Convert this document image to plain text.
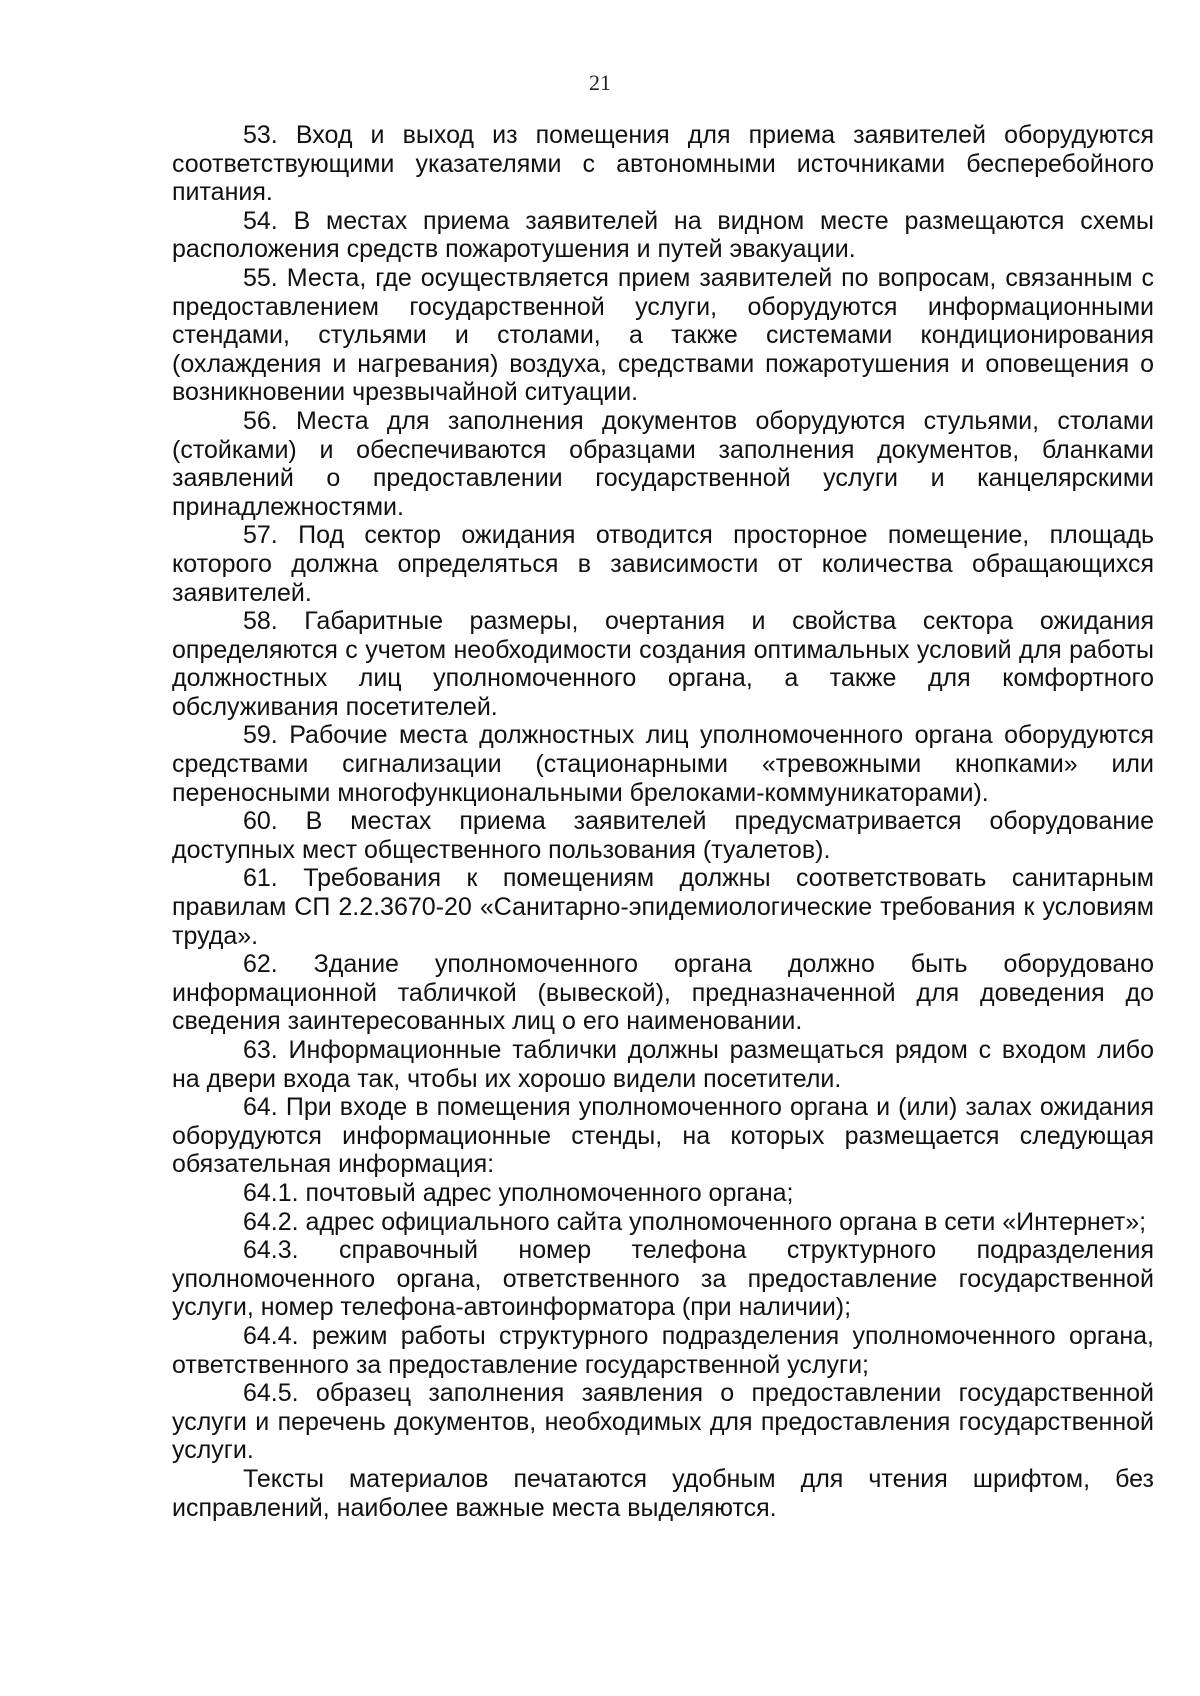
21

53. Вход и выход из помещения для приема заявителей оборудуются соответствующими указателями с автономными источниками бесперебойного питания.

54. В местах приема заявителей на видном месте размещаются схемы расположения средств пожаротушения и путей эвакуации.

55. Места, где осуществляется прием заявителей по вопросам, связанным с предоставлением государственной услуги, оборудуются информационными стендами, стульями и столами, а также системами кондиционирования (охлаждения и нагревания) воздуха, средствами пожаротушения и оповещения о возникновении чрезвычайной ситуации.

56. Места для заполнения документов оборудуются стульями, столами (стойками) и обеспечиваются образцами заполнения документов, бланками заявлений о предоставлении государственной услуги и канцелярскими принадлежностями.

57. Под сектор ожидания отводится просторное помещение, площадь которого должна определяться в зависимости от количества обращающихся заявителей.

58. Габаритные размеры, очертания и свойства сектора ожидания определяются с учетом необходимости создания оптимальных условий для работы должностных лиц уполномоченного органа, а также для комфортного обслуживания посетителей.

59. Рабочие места должностных лиц уполномоченного органа оборудуются средствами сигнализации (стационарными «тревожными кнопками» или переносными многофункциональными брелоками-коммуникаторами).

60. В местах приема заявителей предусматривается оборудование доступных мест общественного пользования (туалетов).

61. Требования к помещениям должны соответствовать санитарным правилам СП 2.2.3670-20 «Санитарно-эпидемиологические требования к условиям труда».

62. Здание уполномоченного органа должно быть оборудовано информационной табличкой (вывеской), предназначенной для доведения до сведения заинтересованных лиц о его наименовании.

63. Информационные таблички должны размещаться рядом с входом либо на двери входа так, чтобы их хорошо видели посетители.

64. При входе в помещения уполномоченного органа и (или) залах ожидания оборудуются информационные стенды, на которых размещается следующая обязательная информация:

64.1. почтовый адрес уполномоченного органа;

64.2. адрес официального сайта уполномоченного органа в сети «Интернет»;

64.3. справочный номер телефона структурного подразделения уполномоченного органа, ответственного за предоставление государственной услуги, номер телефона-автоинформатора (при наличии);

64.4. режим работы структурного подразделения уполномоченного органа, ответственного за предоставление государственной услуги;

64.5. образец заполнения заявления о предоставлении государственной услуги и перечень документов, необходимых для предоставления государственной услуги.

Тексты материалов печатаются удобным для чтения шрифтом, без исправлений, наиболее важные места выделяются.
